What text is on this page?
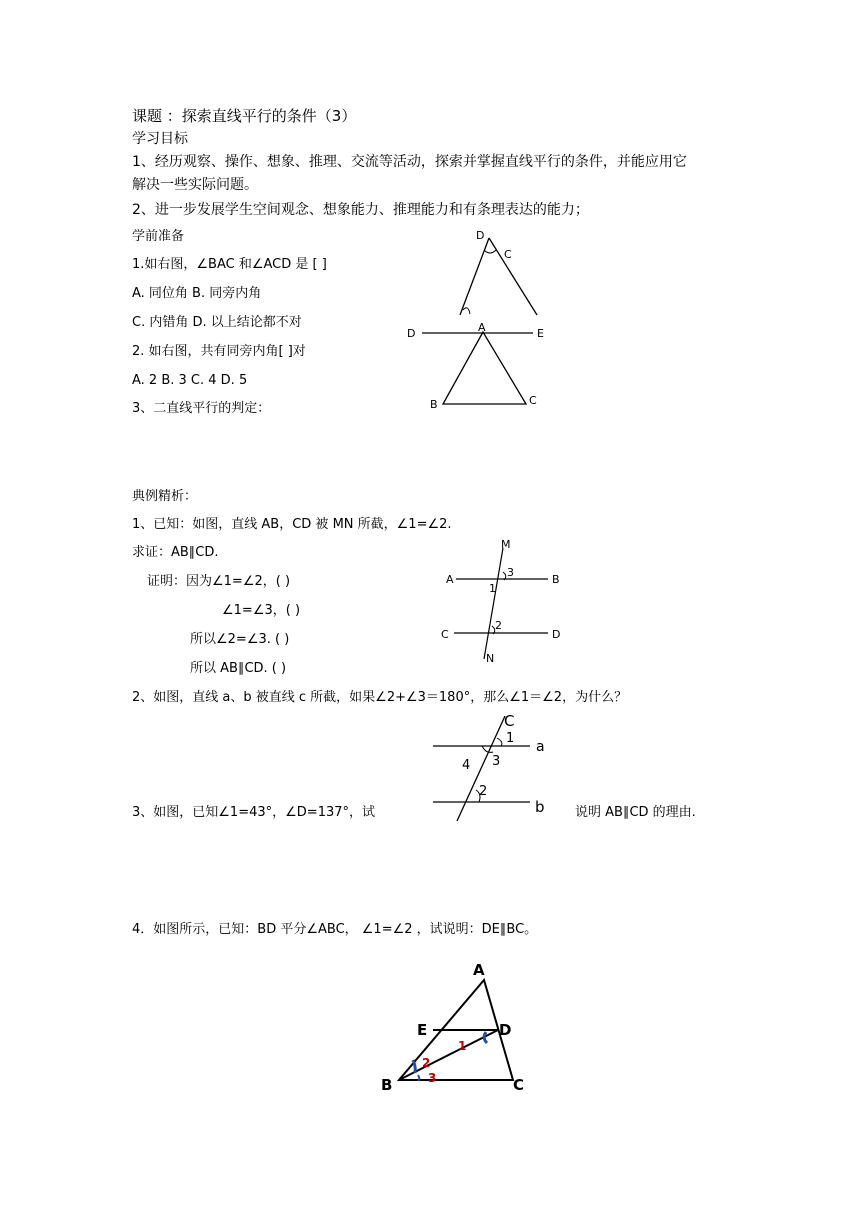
课题 ：探索直线平行的条件（3）
学习目标
1、经历观察、操作、想象、推理、交流等活动，探索并掌握直线平行的条件，并能应用它
解决一些实际问题。
2、进一步发展学生空间观念、想象能力、推理能力和有条理表达的能力；
学前准备
1.如右图，∠BAC 和∠ACD 是 [ ]
A. 同位角 B. 同旁内角
C. 内错角 D. 以上结论都不对
2. 如右图，共有同旁内角[ ]对
A. 2 B. 3 C. 4 D. 5
3、二直线平行的判定：
D
C
D	A	E
B	C
典例精析：
1、已知：如图，直线 AB，CD 被 MN 所截，∠1=∠2.
求证：AB∥CD.
证明：因为∠1=∠2，( )
∠1=∠3，( )
所以∠2=∠3. ( )
所以 AB∥CD. ( )
M
A	B
3
1
2
C	D
N
2、如图，直线 a、b 被直线 c 所截，如果∠2+∠3＝180°，那么∠1＝∠2，为什么？
C
1
a
4 3
2
b
3、如图，已知∠1=43°，∠D=137°，试	说明 AB∥CD 的理由.
4．如图所示，已知：BD 平分∠ABC， ∠1=∠2 ，试说明：DE∥BC。
A
E	D
1
2
3
B	C
